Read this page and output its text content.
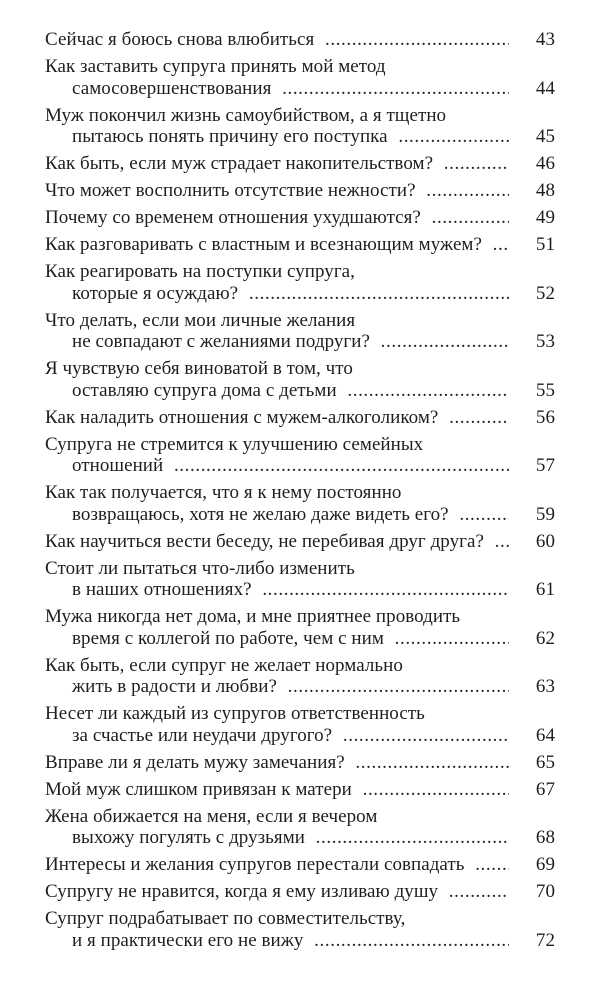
Сейчас я боюсь снова влюбиться .....	43
Как заставить супруга принять мой метод
самосовершенствования .....	44
Муж покончил жизнь самоубийством, а я тщетно
пытаюсь понять причину его поступка .....	45
Как быть, если муж страдает накопительством? .....	46
Что может восполнить отсутствие нежности? .....	48
Почему со временем отношения ухудшаются? .....	49
Как разговаривать с властным и всезнающим мужем? .....	51
Как реагировать на поступки супруга,
которые я осуждаю? .....	52
Что делать, если мои личные желания
не совпадают с желаниями подруги? .....	53
Я чувствую себя виноватой в том, что
оставляю супруга дома с детьми .....	55
Как наладить отношения с мужем-алкоголиком? .....	56
Супруга не стремится к улучшению семейных
отношений .....	57
Как так получается, что я к нему постоянно
возвращаюсь, хотя не желаю даже видеть его? .....	59
Как научиться вести беседу, не перебивая друг друга? .....	60
Стоит ли пытаться что-либо изменить
в наших отношениях? .....	61
Мужа никогда нет дома, и мне приятнее проводить
время с коллегой по работе, чем с ним .....	62
Как быть, если супруг не желает нормально
жить в радости и любви? .....	63
Несет ли каждый из супругов ответственность
за счастье или неудачи другого? .....	64
Вправе ли я делать мужу замечания? .....	65
Мой муж слишком привязан к матери .....	67
Жена обижается на меня, если я вечером
выхожу погулять с друзьями .....	68
Интересы и желания супругов перестали совпадать .....	69
Супругу не нравится, когда я ему изливаю душу .....	70
Супруг подрабатывает по совместительству,
и я практически его не вижу .....	72
